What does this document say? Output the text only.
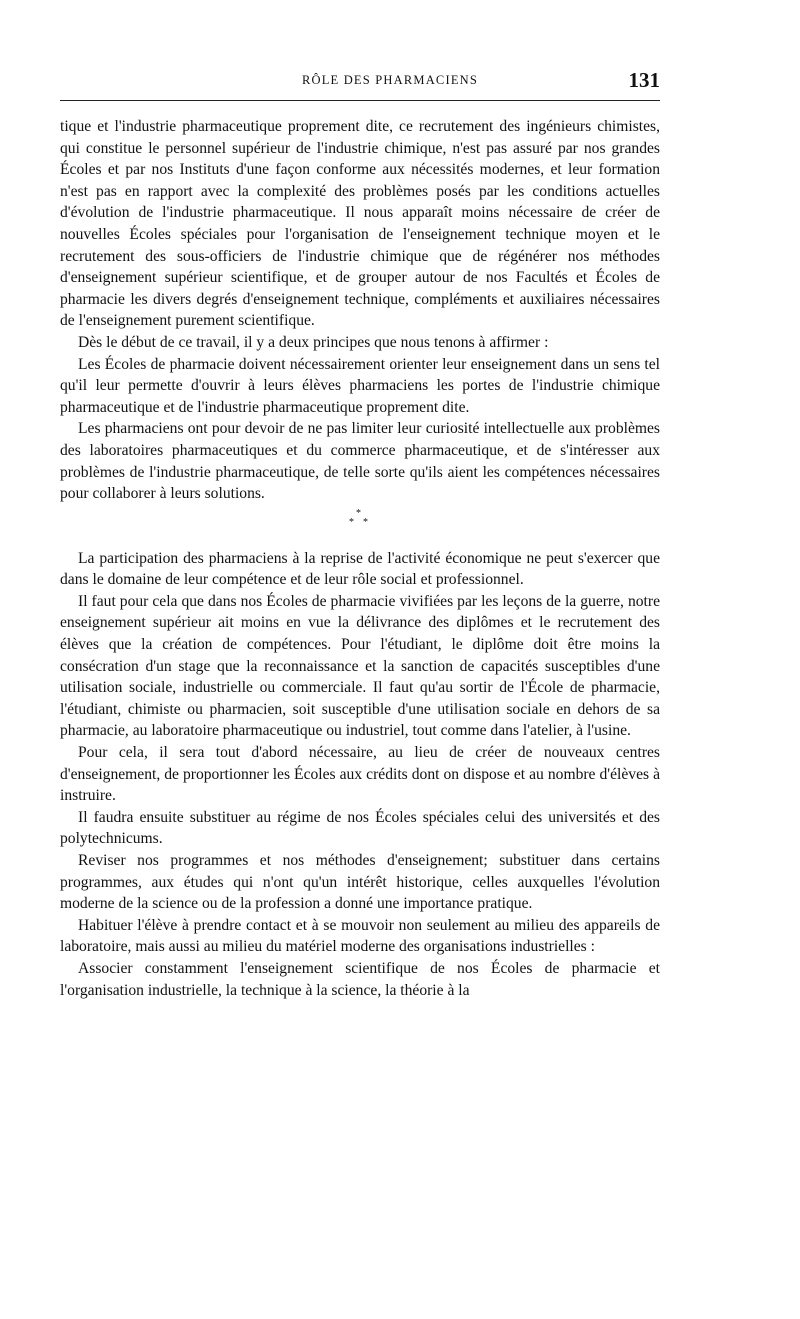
RÔLE DES PHARMACIENS	131

tique et l'industrie pharmaceutique proprement dite, ce recrutement des ingénieurs chimistes, qui constitue le personnel supérieur de l'industrie chimique, n'est pas assuré par nos grandes Écoles et par nos Instituts d'une façon conforme aux nécessités modernes, et leur formation n'est pas en rapport avec la complexité des problèmes posés par les conditions actuelles d'évolution de l'industrie pharmaceutique. Il nous apparaît moins nécessaire de créer de nouvelles Écoles spéciales pour l'organisation de l'enseignement technique moyen et le recrutement des sous-officiers de l'industrie chimique que de régénérer nos méthodes d'enseignement supérieur scientifique, et de grouper autour de nos Facultés et Écoles de pharmacie les divers degrés d'enseignement technique, compléments et auxiliaires nécessaires de l'enseignement purement scientifique.

Dès le début de ce travail, il y a deux principes que nous tenons à affirmer :

Les Écoles de pharmacie doivent nécessairement orienter leur enseignement dans un sens tel qu'il leur permette d'ouvrir à leurs élèves pharmaciens les portes de l'industrie chimique pharmaceutique et de l'industrie pharmaceutique proprement dite.

Les pharmaciens ont pour devoir de ne pas limiter leur curiosité intellectuelle aux problèmes des laboratoires pharmaceutiques et du commerce pharmaceutique, et de s'intéresser aux problèmes de l'industrie pharmaceutique, de telle sorte qu'ils aient les compétences nécessaires pour collaborer à leurs solutions.

*
* *

La participation des pharmaciens à la reprise de l'activité économique ne peut s'exercer que dans le domaine de leur compétence et de leur rôle social et professionnel.

Il faut pour cela que dans nos Écoles de pharmacie vivifiées par les leçons de la guerre, notre enseignement supérieur ait moins en vue la délivrance des diplômes et le recrutement des élèves que la création de compétences. Pour l'étudiant, le diplôme doit être moins la consécration d'un stage que la reconnaissance et la sanction de capacités susceptibles d'une utilisation sociale, industrielle ou commerciale. Il faut qu'au sortir de l'École de pharmacie, l'étudiant, chimiste ou pharmacien, soit susceptible d'une utilisation sociale en dehors de sa pharmacie, au laboratoire pharmaceutique ou industriel, tout comme dans l'atelier, à l'usine.

Pour cela, il sera tout d'abord nécessaire, au lieu de créer de nouveaux centres d'enseignement, de proportionner les Écoles aux crédits dont on dispose et au nombre d'élèves à instruire.

Il faudra ensuite substituer au régime de nos Écoles spéciales celui des universités et des polytechnicums.

Reviser nos programmes et nos méthodes d'enseignement; substituer dans certains programmes, aux études qui n'ont qu'un intérêt historique, celles auxquelles l'évolution moderne de la science ou de la profession a donné une importance pratique.

Habituer l'élève à prendre contact et à se mouvoir non seulement au milieu des appareils de laboratoire, mais aussi au milieu du matériel moderne des organisations industrielles :

Associer constamment l'enseignement scientifique de nos Écoles de pharmacie et l'organisation industrielle, la technique à la science, la théorie à la
